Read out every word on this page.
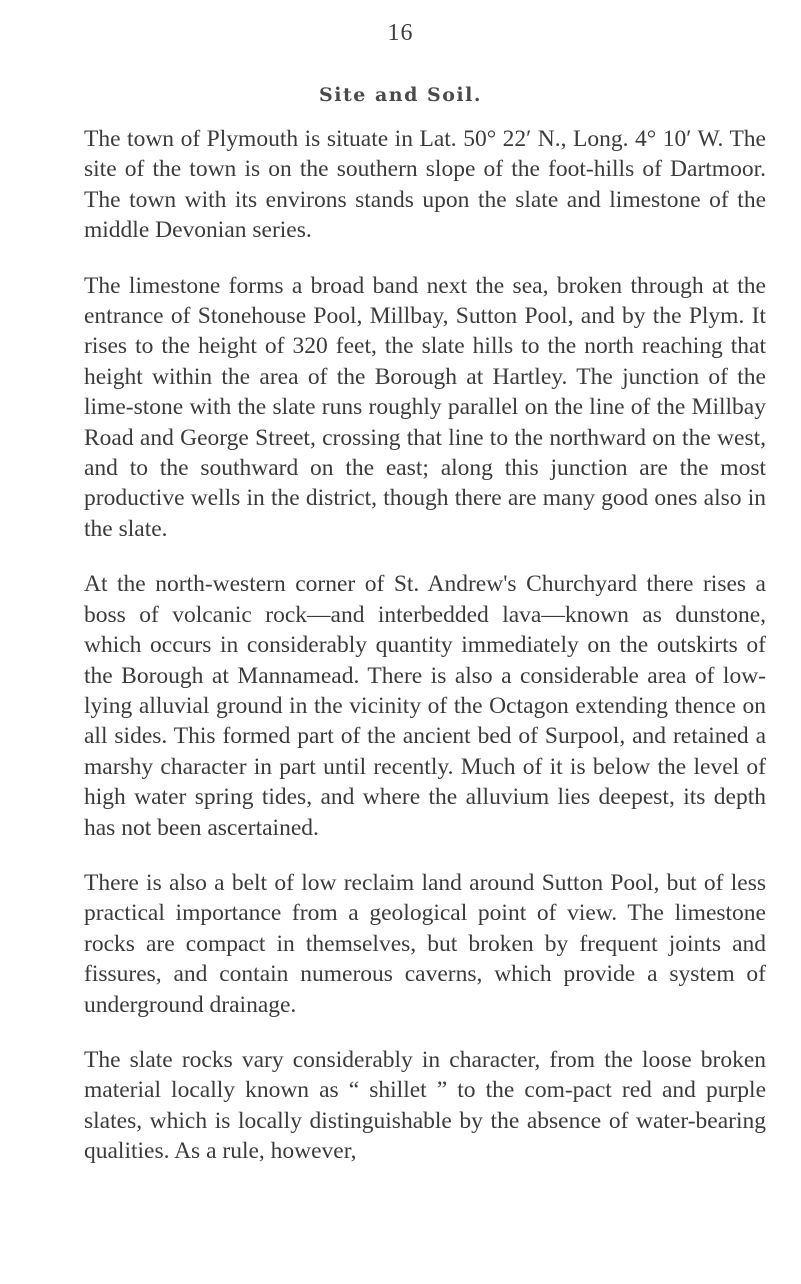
16
Site and Soil.

The town of Plymouth is situate in Lat. 50° 22′ N., Long. 4° 10′ W. The site of the town is on the southern slope of the foot-hills of Dartmoor. The town with its environs stands upon the slate and limestone of the middle Devonian series.

The limestone forms a broad band next the sea, broken through at the entrance of Stonehouse Pool, Millbay, Sutton Pool, and by the Plym. It rises to the height of 320 feet, the slate hills to the north reaching that height within the area of the Borough at Hartley. The junction of the lime-stone with the slate runs roughly parallel on the line of the Millbay Road and George Street, crossing that line to the northward on the west, and to the southward on the east; along this junction are the most productive wells in the district, though there are many good ones also in the slate.

At the north-western corner of St. Andrew's Churchyard there rises a boss of volcanic rock—and interbedded lava—known as dunstone, which occurs in considerably quantity immediately on the outskirts of the Borough at Mannamead. There is also a considerable area of low-lying alluvial ground in the vicinity of the Octagon extending thence on all sides. This formed part of the ancient bed of Surpool, and retained a marshy character in part until recently. Much of it is below the level of high water spring tides, and where the alluvium lies deepest, its depth has not been ascertained.

There is also a belt of low reclaim land around Sutton Pool, but of less practical importance from a geological point of view. The limestone rocks are compact in themselves, but broken by frequent joints and fissures, and contain numerous caverns, which provide a system of underground drainage.

The slate rocks vary considerably in character, from the loose broken material locally known as “ shillet ” to the com-pact red and purple slates, which is locally distinguishable by the absence of water-bearing qualities. As a rule, however,
